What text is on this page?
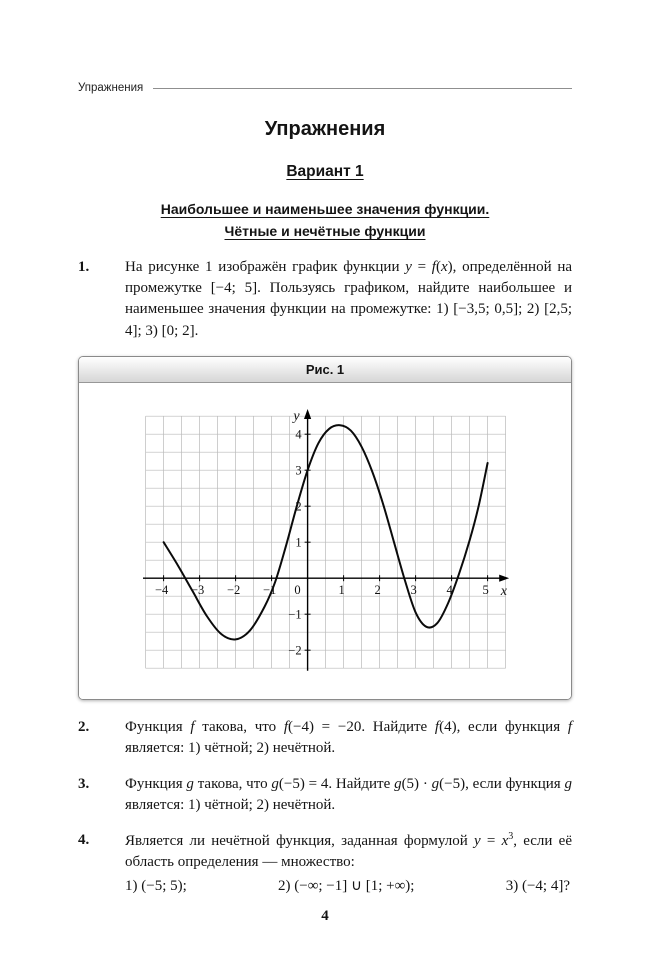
Упражнения
Упражнения
Вариант 1
Наибольшее и наименьшее значения функции.
Чётные и нечётные функции
1.	На рисунке 1 изображён график функции y = f(x), определённой на промежутке [−4; 5]. Пользуясь графиком, найдите наибольшее и наименьшее значения функции на промежутке: 1) [−3,5; 0,5]; 2) [2,5; 4]; 3) [0; 2].
Рис. 1
−4 −3 −2 −1	1 2 3 4 5
−2
−1
1
2
3
4
0	x
y
2.	Функция f такова, что f(−4) = −20. Найдите f(4), если функция f является: 1) чётной; 2) нечётной.
3.	Функция g такова, что g(−5) = 4. Найдите g(5) · g(−5), если функция g является: 1) чётной; 2) нечётной.
4.	Является ли нечётной функция, заданная формулой $y = x^3$, если её область определения — множество:
1) (−5; 5);	2) (−∞; −1] ∪ [1; +∞);	3) (−4; 4]?
4
